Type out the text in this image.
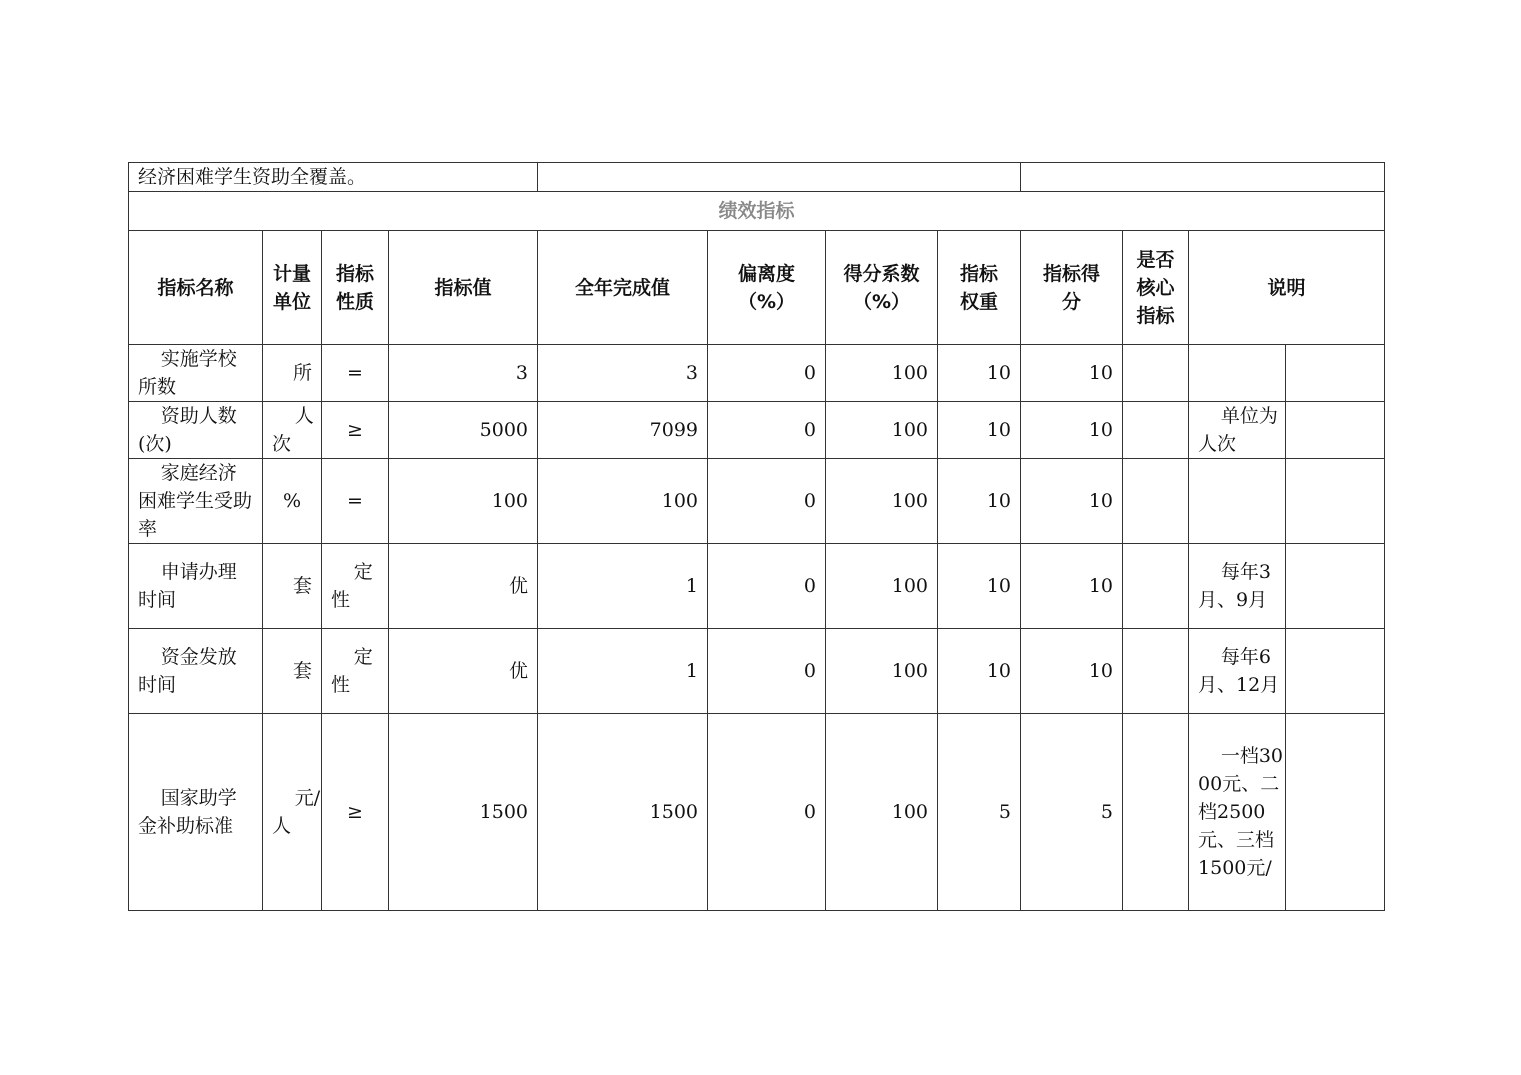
经济困难学生资助全覆盖。											
绩效指标											
指标名称	计量单位	指标性质	指标值	全年完成值	偏离度（%）	得分系数（%）	指标权重	指标得分	是否核心指标	说明	
实施学校所数	所	=	3	3	0	100	10	10			
资助人数(次)	人次	≥	5000	7099	0	100	10	10		单位为人次	
家庭经济困难学生受助率	%	=	100	100	0	100	10	10			
申请办理时间	套	定性	优	1	0	100	10	10		每年3月、9月	
资金发放时间	套	定性	优	1	0	100	10	10		每年6月、12月	
国家助学金补助标准	元/人	≥	1500	1500	0	100	5	5		一档3000元、二档2500元、三档1500元/	
